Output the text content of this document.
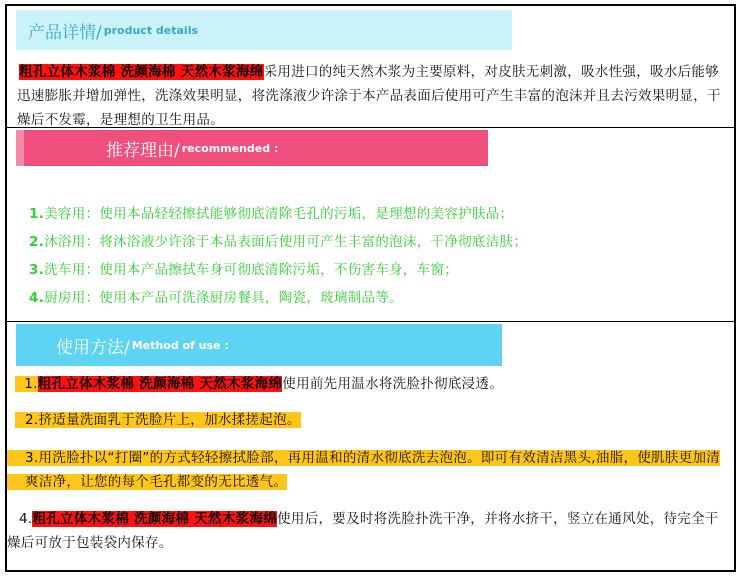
产品详情/ product details
粗孔立体木浆棉 洗颜海棉 天然木浆海绵采用进口的纯天然木浆为主要原料，对皮肤无刺激，吸水性强，吸水后能够迅速膨胀并增加弹性，洗涤效果明显，将洗涤液少许涂于本产品表面后使用可产生丰富的泡沫并且去污效果明显，干燥后不发霉，是理想的卫生用品。
推荐理由/ recommended :
1.美容用：使用本品轻轻擦拭能够彻底清除毛孔的污垢，是理想的美容护肤品；
2.沐浴用：将沐浴液少许涂于本品表面后使用可产生丰富的泡沫，干净彻底洁肤；
3.洗车用：使用本产品擦拭车身可彻底清除污垢，不伤害车身，车窗；
4.厨房用：使用本产品可洗涤厨房餐具，陶瓷，玻璃制品等。
使用方法/ Method of use :
1.粗孔立体木浆棉 洗颜海棉 天然木浆海绵使用前先用温水将洗脸扑彻底浸透。
2.挤适量洗面乳于洗脸片上，加水揉搓起泡。
3.用洗脸扑以“打圈”的方式轻轻擦拭脸部，再用温和的清水彻底洗去泡泡。即可有效清洁黑头,油脂，使肌肤更加清爽洁净，让您的每个毛孔都变的无比透气。
4.粗孔立体木浆棉 洗颜海棉 天然木浆海绵使用后，要及时将洗脸扑洗干净，并将水挤干，竖立在通风处，待完全干燥后可放于包装袋内保存。
